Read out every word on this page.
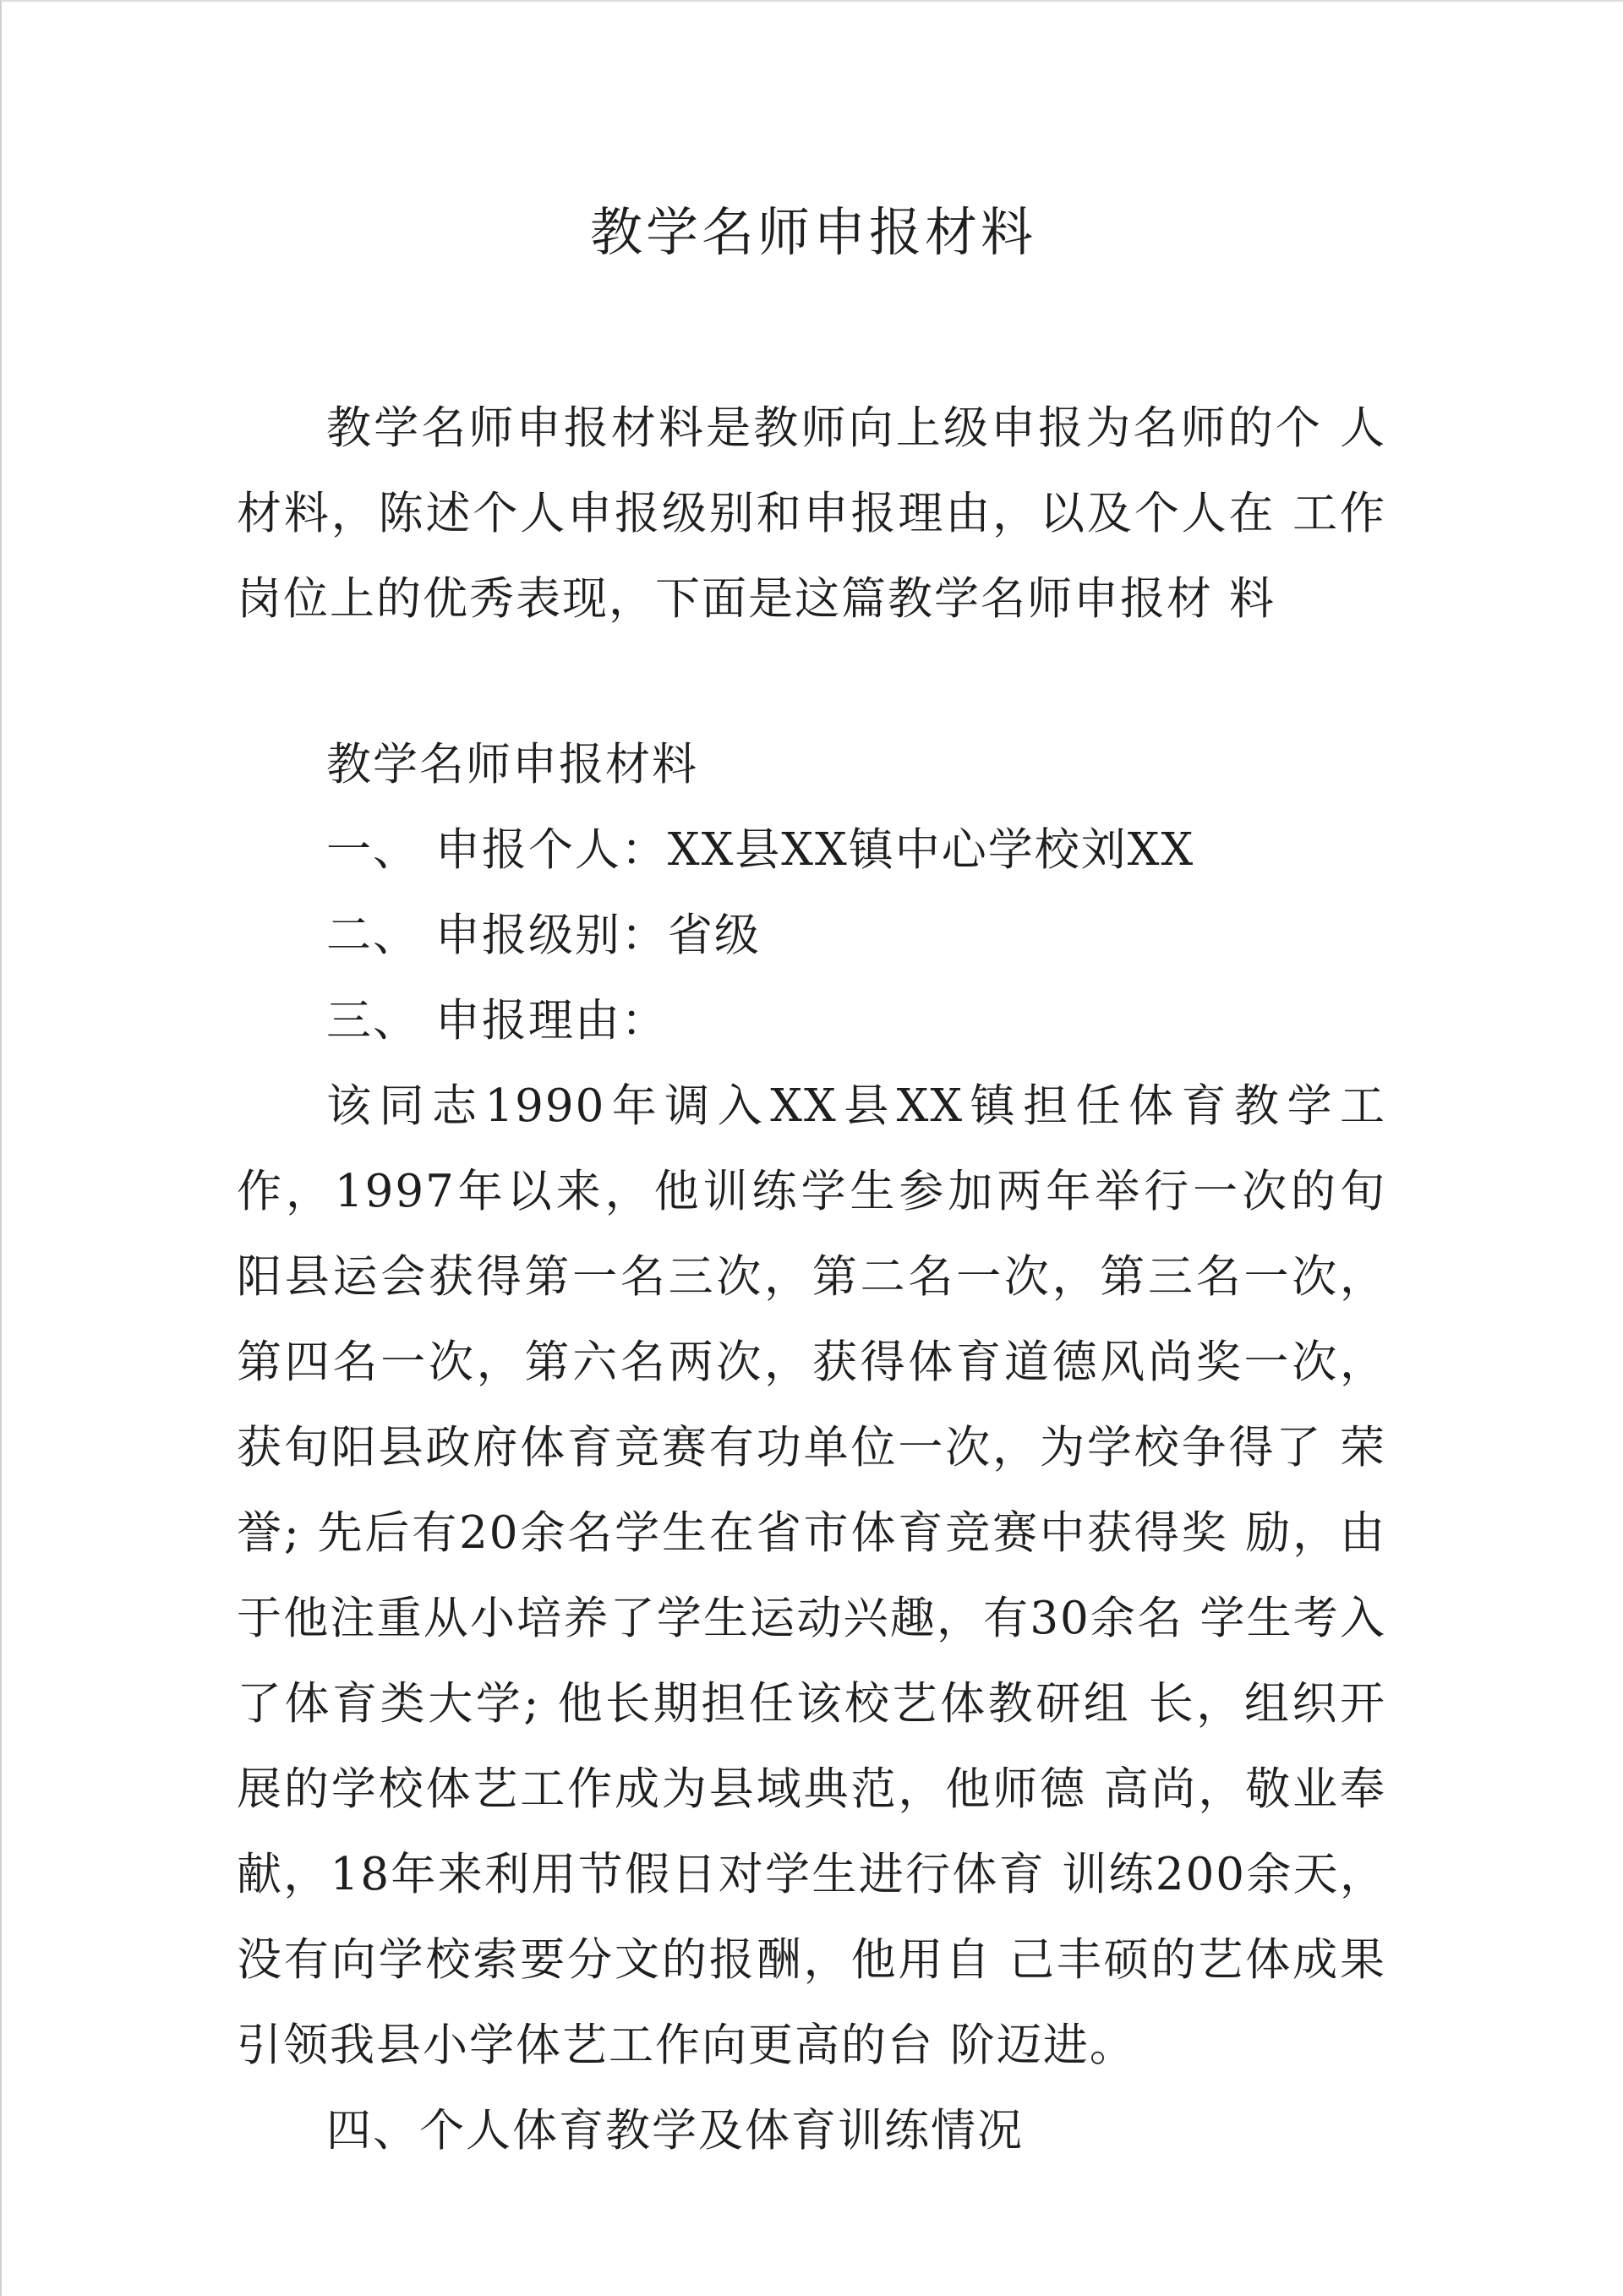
教学名师申报材料

教学名师申报材料是教师向上级申报为名师的个 人材料，陈述个人申报级别和申报理由，以及个人在 工作岗位上的优秀表现，下面是这篇教学名师申报材 料

教学名师申报材料

一、 申报个人：XX县XX镇中心学校刘XX

二、 申报级别：省级

三、 申报理由：

该同志1990年调入XX县XX镇担任体育教学工 作，1997年以来，他训练学生参加两年举行一次的旬 阳县运会获得第一名三次，第二名一次，第三名一次， 第四名一次，第六名两次，获得体育道德风尚奖一次， 获旬阳县政府体育竞赛有功单位一次，为学校争得了 荣誉; 先后有20余名学生在省市体育竞赛中获得奖 励，由于他注重从小培养了学生运动兴趣，有30余名 学生考入了体育类大学; 他长期担任该校艺体教研组 长，组织开展的学校体艺工作成为县域典范，他师德 高尚，敬业奉献，18年来利用节假日对学生进行体育 训练200余天，没有向学校索要分文的报酬，他用自 己丰硕的艺体成果引领我县小学体艺工作向更高的台 阶迈进。

四、个人体育教学及体育训练情况
